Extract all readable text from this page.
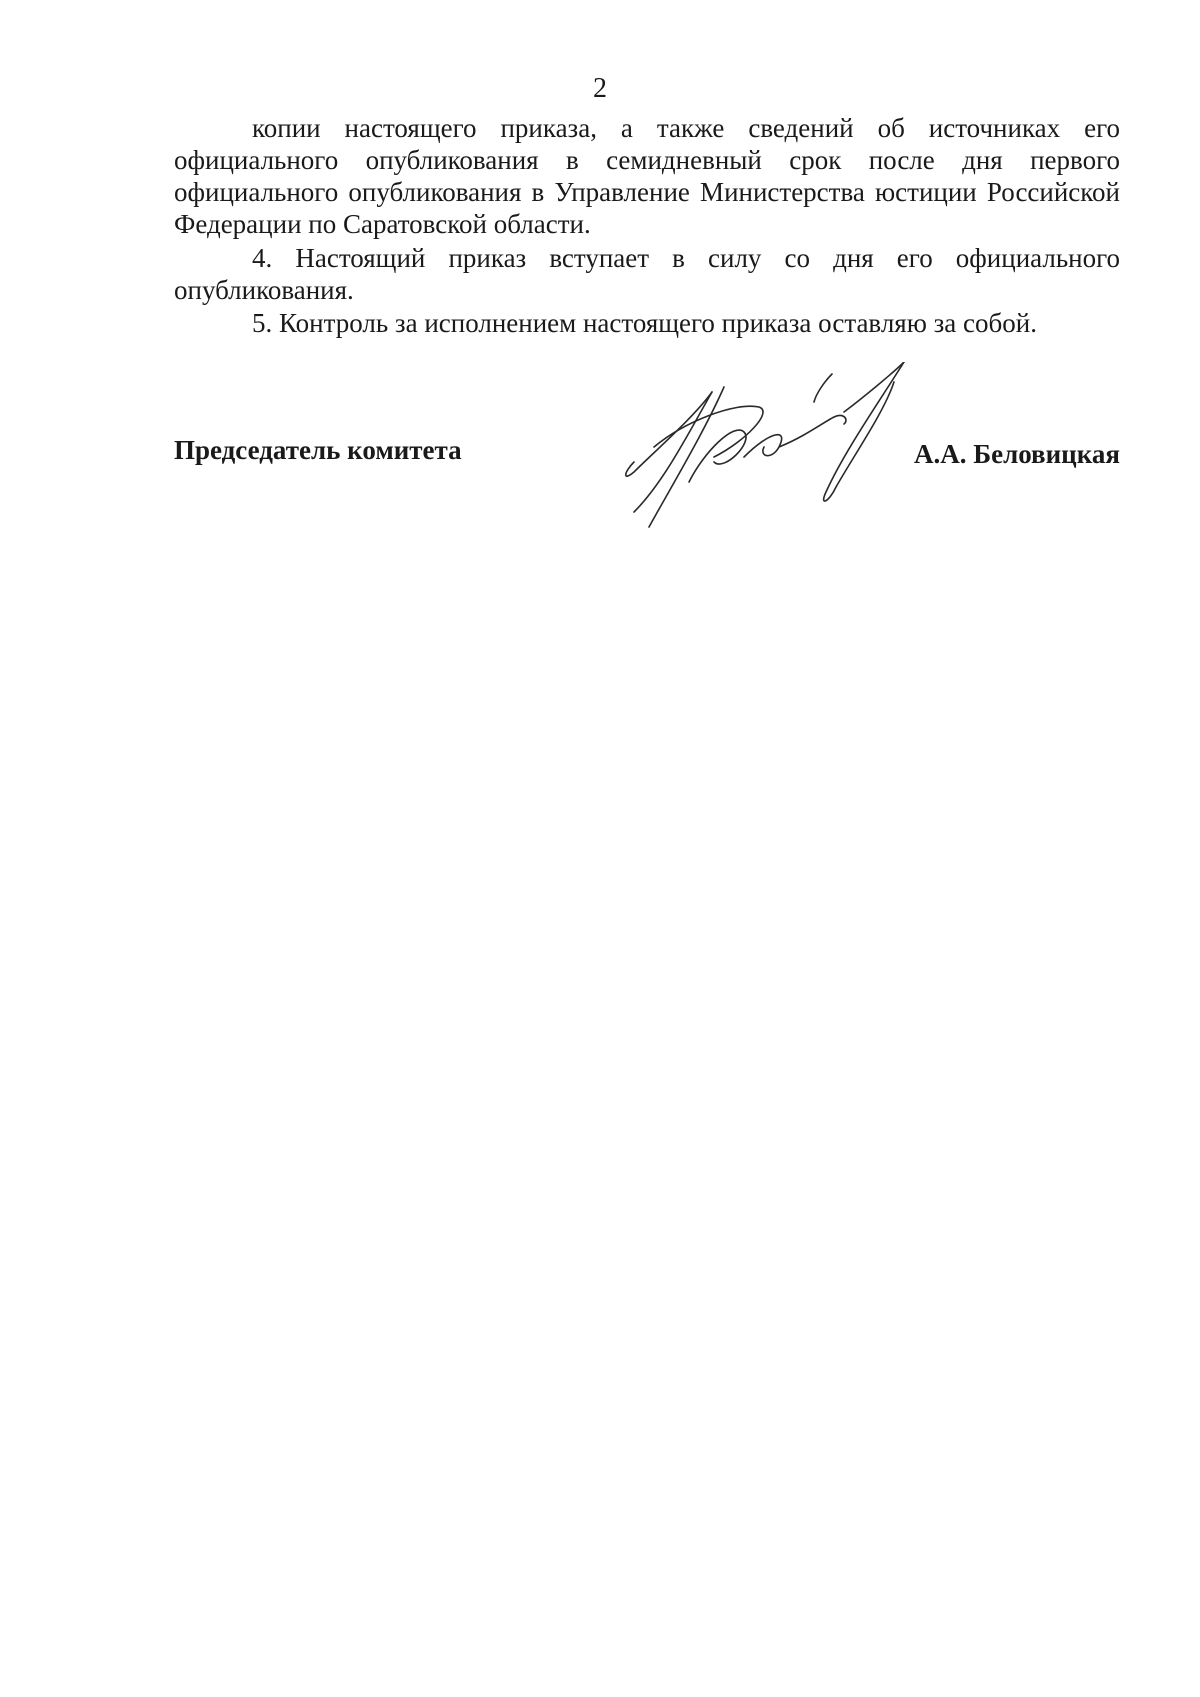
2

копии настоящего приказа, а также сведений об источниках его официального опубликования в семидневный срок после дня первого официального опубликования в Управление Министерства юстиции Российской Федерации по Саратовской области.

4. Настоящий приказ вступает в силу со дня его официального опубликования.

5. Контроль за исполнением настоящего приказа оставляю за собой.

Председатель комитета	А.А. Беловицкая
